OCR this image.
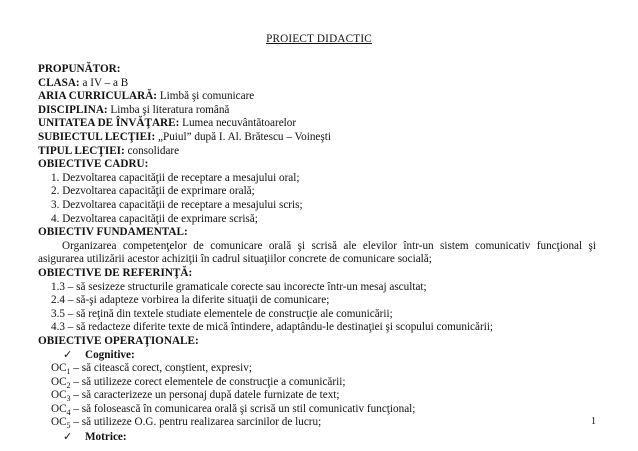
PROIECT DIDACTIC
PROPUNĂTOR:
CLASA: a IV – a B
ARIA CURRICULARĂ: Limbă şi comunicare
DISCIPLINA: Limba şi literatura română
UNITATEA DE ÎNVĂŢARE: Lumea necuvântătoarelor
SUBIECTUL LECŢIEI: „Puiul” după I. Al. Brătescu – Voineşti
TIPUL LECŢIEI: consolidare
OBIECTIVE CADRU:
1. Dezvoltarea capacităţii de receptare a mesajului oral;
2. Dezvoltarea capacităţii de exprimare orală;
3. Dezvoltarea capacităţii de receptare a mesajului scris;
4. Dezvoltarea capacităţii de exprimare scrisă;
OBIECTIV FUNDAMENTAL:
Organizarea competenţelor de comunicare orală şi scrisă ale elevilor într-un sistem comunicativ funcţional şi asigurarea utilizării acestor achiziţii în cadrul situaţiilor concrete de comunicare socială;
OBIECTIVE DE REFERINŢĂ:
1.3 – să sesizeze structurile gramaticale corecte sau incorecte într-un mesaj ascultat;
2.4 – să-şi adapteze vorbirea la diferite situaţii de comunicare;
3.5 – să reţină din textele studiate elementele de construcţie ale comunicării;
4.3 – să redacteze diferite texte de mică întindere, adaptându-le destinaţiei şi scopului comunicării;
OBIECTIVE OPERAŢIONALE:
✓ Cognitive:
$OC_1$ – să citească corect, conştient, expresiv;
$OC_2$ – să utilizeze corect elementele de construcţie a comunicării;
$OC_3$ – să caracterizeze un personaj după datele furnizate de text;
$OC_4$ – să folosească în comunicarea orală şi scrisă un stil comunicativ funcţional;
$OC_5$ – să utilizeze O.G. pentru realizarea sarcinilor de lucru;
✓ Motrice:
1
